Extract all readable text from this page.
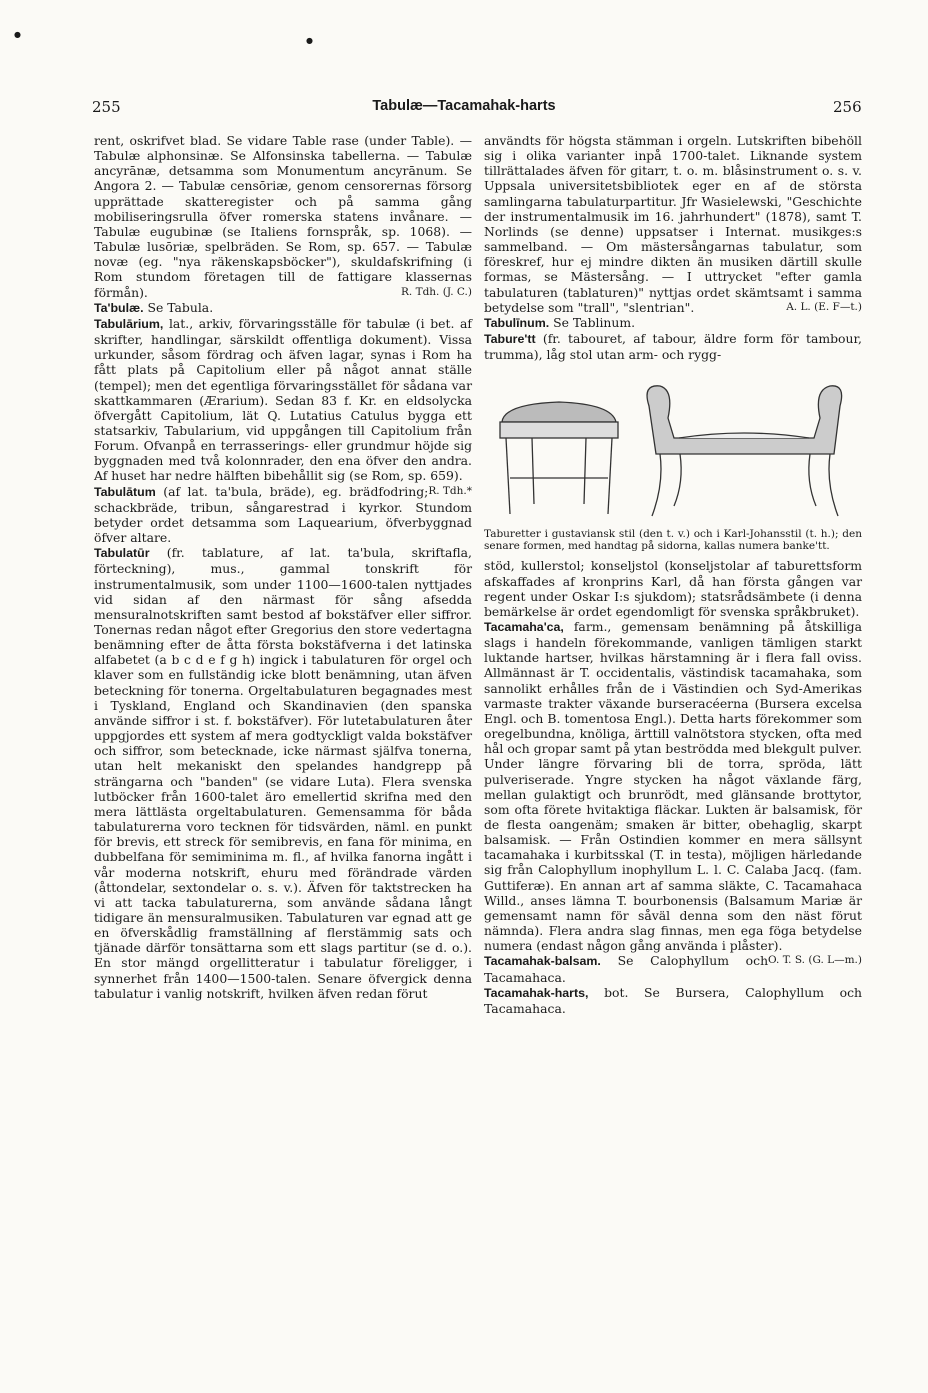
255	Tabulæ—Tacamahak-harts	256
●
●

rent, oskrifvet blad. Se vidare Table rase (under Table). — Tabulæ alphonsinæ. Se Alfonsinska tabellerna. — Tabulæ ancyrānæ, detsamma som Monumentum ancyrānum. Se Angora 2. — Tabulæ censōriæ, genom censorernas försorg upprättade skatteregister och på samma gång mobiliseringsrulla öfver romerska statens invånare. — Tabulæ eugubinæ (se Italiens fornspråk, sp. 1068). — Tabulæ lusōriæ, spelbräden. Se Rom, sp. 657. — Tabulæ novæ (eg. "nya räkenskapsböcker"), skuldafskrifning (i Rom stundom företagen till de fattigare klassernas förmån).	R. Tdh. (J. C.)

Ta'bulæ. Se Tabula.

Tabulārium, lat., arkiv, förvaringsställe för tabulæ (i bet. af skrifter, handlingar, särskildt offentliga dokument). Vissa urkunder, såsom fördrag och äfven lagar, synas i Rom ha fått plats på Capitolium eller på något annat ställe (tempel); men det egentliga förvaringsstället för sådana var skattkammaren (Ærarium). Sedan 83 f. Kr. en eldsolycka öfvergått Capitolium, lät Q. Lutatius Catulus bygga ett statsarkiv, Tabularium, vid uppgången till Capitolium från Forum. Ofvanpå en terrasserings- eller grundmur höjde sig byggnaden med två kolonnrader, den ena öfver den andra. Af huset har nedre hälften bibehållit sig (se Rom, sp. 659).
R. Tdh.*

Tabulātum (af lat. ta'bula, bräde), eg. brädfodring; schackbräde, tribun, sångarestrad i kyrkor. Stundom betyder ordet detsamma som Laquearium, öfverbyggnad öfver altare.

Tabulatūr (fr. tablature, af lat. ta'bula, skriftafla, förteckning), mus., gammal tonskrift för instrumentalmusik, som under 1100—1600-talen nyttjades vid sidan af den närmast för sång afsedda mensuralnotskriften samt bestod af bokstäfver eller siffror. Tonernas redan något efter Gregorius den store vedertagna benämning efter de åtta första bokstäfverna i det latinska alfabetet (a b c d e f g h) ingick i tabulaturen för orgel och klaver som en fullständig icke blott benämning, utan äfven beteckning för tonerna. Orgeltabulaturen begagnades mest i Tyskland, England och Skandinavien (den spanska använde siffror i st. f. bokstäfver). För lutetabulaturen åter uppgjordes ett system af mera godtyckligt valda bokstäfver och siffror, som betecknade, icke närmast själfva tonerna, utan helt mekaniskt den spelandes handgrepp på strängarna och "banden" (se vidare Luta). Flera svenska lutböcker från 1600-talet äro emellertid skrifna med den mera lättlästa orgeltabulaturen. Gemensamma för båda tabulaturerna voro tecknen för tidsvärden, näml. en punkt för brevis, ett streck för semibrevis, en fana för minima, en dubbelfana för semiminima m. fl., af hvilka fanorna ingått i vår moderna notskrift, ehuru med förändrade värden (åttondelar, sextondelar o. s. v.). Äfven för taktstrecken ha vi att tacka tabulaturerna, som använde sådana långt tidigare än mensuralmusiken. Tabulaturen var egnad att ge en öfverskådlig framställning af flerstämmig sats och tjänade därför tonsättarna som ett slags partitur (se d. o.). En stor mängd orgellitteratur i tabulatur föreligger, i synnerhet från 1400—1500-talen. Senare öfvergick denna tabulatur i vanlig notskrift, hvilken äfven redan förut

användts för högsta stämman i orgeln. Lutskriften bibehöll sig i olika varianter inpå 1700-talet. Liknande system tillrättalades äfven för gitarr, t. o. m. blåsinstrument o. s. v. Uppsala universitetsbibliotek eger en af de största samlingarna tabulaturpartitur. Jfr Wasielewski, "Geschichte der instrumentalmusik im 16. jahrhundert" (1878), samt T. Norlinds (se denne) uppsatser i Internat. musikges:s sammelband. — Om mästersångarnas tabulatur, som föreskref, hur ej mindre dikten än musiken därtill skulle formas, se Mästersång. — I uttrycket "efter gamla tabulaturen (tablaturen)" nyttjas ordet skämtsamt i samma betydelse som "trall", "slentrian".	A. L. (E. F—t.)

Tabulīnum. Se Tablinum.

Tabure'tt (fr. tabouret, af tabour, äldre form för tambour, trumma), låg stol utan arm- och rygg-

Taburetter i gustaviansk stil (den t. v.) och i Karl-Johansstil (t. h.); den senare formen, med handtag på sidorna, kallas numera banke'tt.

stöd, kullerstol; konseljstol (konseljstolar af taburettsform afskaffades af kronprins Karl, då han första gången var regent under Oskar I:s sjukdom); statsrådsämbete (i denna bemärkelse är ordet egendomligt för svenska språkbruket).

Tacamaha'ca, farm., gemensam benämning på åtskilliga slags i handeln förekommande, vanligen tämligen starkt luktande hartser, hvilkas härstamning är i flera fall oviss. Allmännast är T. occidentalis, västindisk tacamahaka, som sannolikt erhålles från de i Västindien och Syd-Amerikas varmaste trakter växande burseracéerna (Bursera excelsa Engl. och B. tomentosa Engl.). Detta harts förekommer som oregelbundna, knöliga, ärttill valnötstora stycken, ofta med hål och gropar samt på ytan beströdda med blekgult pulver. Under längre förvaring bli de torra, spröda, lätt pulveriserade. Yngre stycken ha något växlande färg, mellan gulaktigt och brunrödt, med glänsande brottytor, som ofta förete hvitaktiga fläckar. Lukten är balsamisk, för de flesta oangenäm; smaken är bitter, obehaglig, skarpt balsamisk. — Från Ostindien kommer en mera sällsynt tacamahaka i kurbitsskal (T. in testa), möjligen härledande sig från Calophyllum inophyllum L. l. C. Calaba Jacq. (fam. Guttiferæ). En annan art af samma släkte, C. Tacamahaca Willd., anses lämna T. bourbonensis (Balsamum Mariæ är gemensamt namn för såväl denna som den näst förut nämnda). Flera andra slag finnas, men ega föga betydelse numera (endast någon gång använda i plåster).
O. T. S. (G. L—m.)

Tacamahak-balsam. Se Calophyllum och Tacamahaca.

Tacamahak-harts, bot. Se Bursera, Calophyllum och Tacamahaca.
